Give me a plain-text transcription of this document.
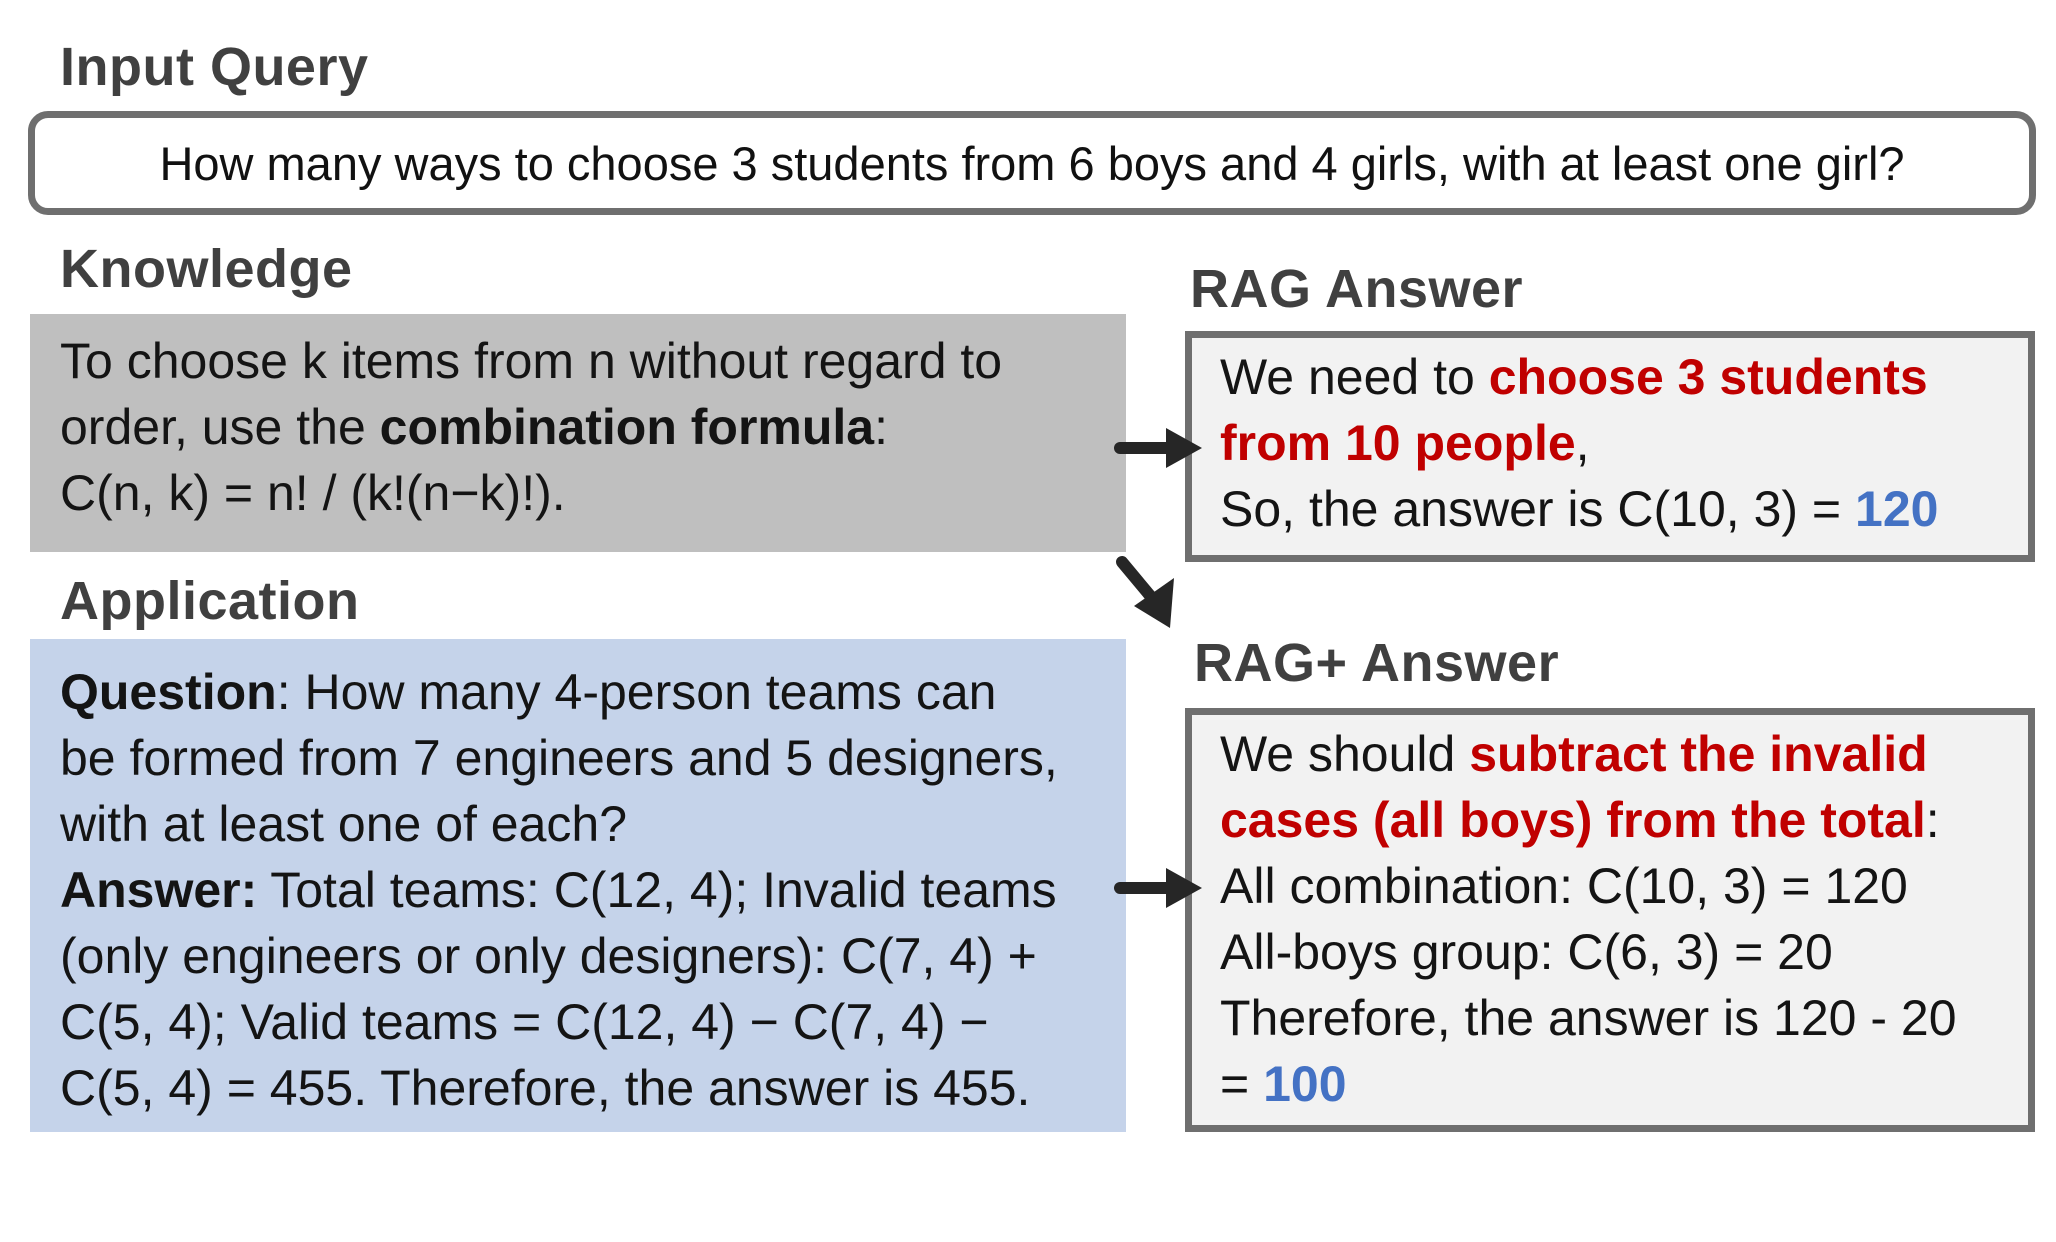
Input Query
How many ways to choose 3 students from 6 boys and 4 girls, with at least one girl?
Knowledge
To choose k items from n without regard to
order, use the combination formula:
C(n, k) = n! / (k!(n−k)!).
Application
Question: How many 4-person teams can
be formed from 7 engineers and 5 designers,
with at least one of each?
Answer: Total teams: C(12, 4); Invalid teams
(only engineers or only designers): C(7, 4) +
C(5, 4); Valid teams = C(12, 4) − C(7, 4) −
C(5, 4) = 455. Therefore, the answer is 455.
RAG Answer
We need to choose 3 students
from 10 people,
So, the answer is C(10, 3) = 120
RAG+ Answer
We should subtract the invalid
cases (all boys) from the total:
All combination: C(10, 3) = 120
All-boys group: C(6, 3) = 20
Therefore, the answer is 120 - 20
= 100
